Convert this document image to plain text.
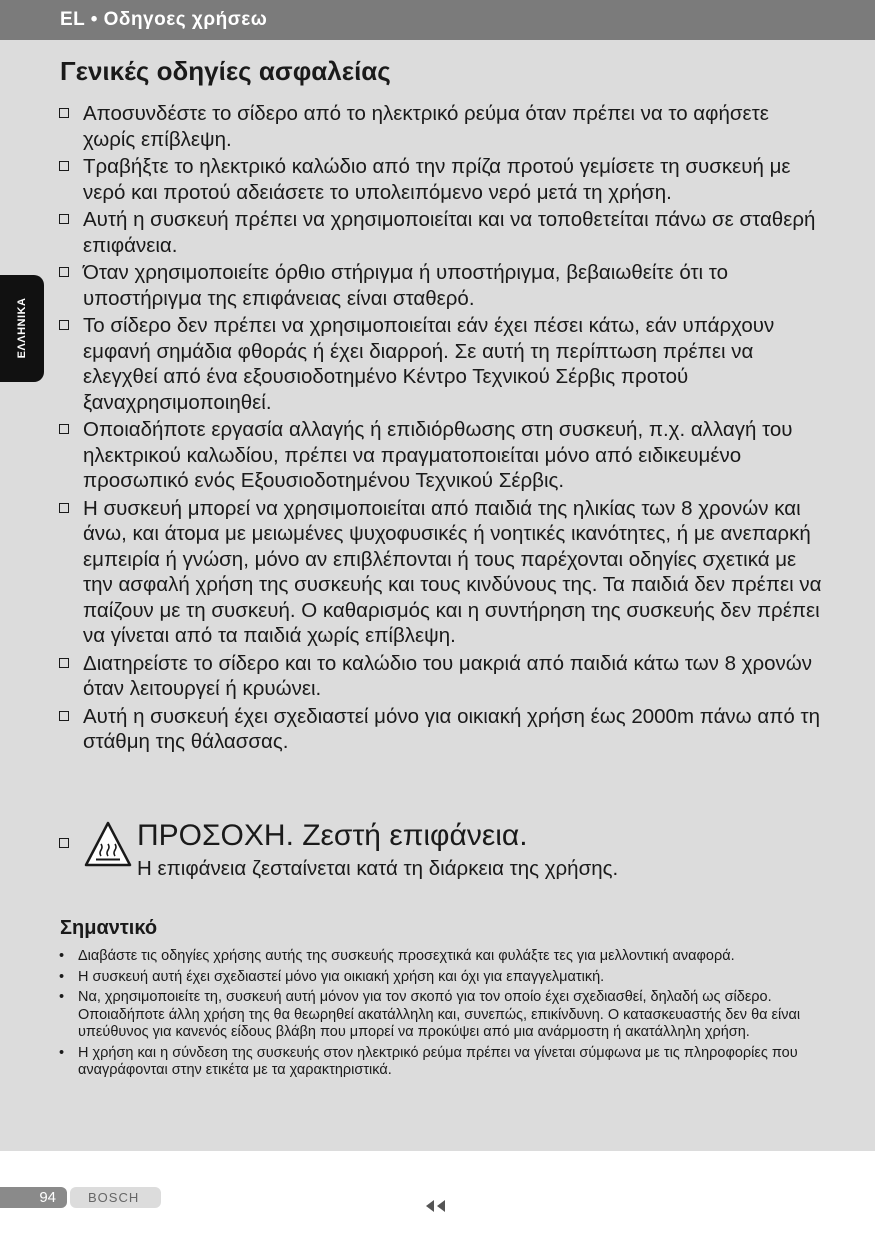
EL • Οδηγοες χρήσεω
ΕΛΛΗΝΙΚΑ
Γενικές οδηγίες ασφαλείας
Αποσυνδέστε το σίδερο από το ηλεκτρικό ρεύμα όταν πρέπει να το αφήσετε χωρίς επίβλεψη.
Τραβήξτε το ηλεκτρικό καλώδιο από την πρίζα προτού γεμίσετε τη συσκευή με νερό και προτού αδειάσετε το υπολειπόμενο νερό μετά τη χρήση.
Αυτή η συσκευή πρέπει να χρησιμοποιείται και να τοποθετείται πάνω σε σταθερή επιφάνεια.
Όταν χρησιμοποιείτε όρθιο στήριγμα ή υποστήριγμα, βεβαιωθείτε ότι το υποστήριγμα της επιφάνειας είναι σταθερό.
Το σίδερο δεν πρέπει να χρησιμοποιείται εάν έχει πέσει κάτω, εάν υπάρχουν εμφανή σημάδια φθοράς ή έχει διαρροή. Σε αυτή τη περίπτωση πρέπει να ελεγχθεί από ένα εξουσιοδοτημένο Κέντρο Τεχνικού Σέρβις προτού ξαναχρησιμοποιηθεί.
Οποιαδήποτε εργασία αλλαγής ή επιδιόρθωσης στη συσκευή, π.χ. αλλαγή του ηλεκτρικού καλωδίου, πρέπει να πραγματοποιείται μόνο από ειδικευμένο προσωπικό ενός Εξουσιοδοτημένου Τεχνικού Σέρβις.
Η συσκευή μπορεί να χρησιμοποιείται από παιδιά της ηλικίας των 8 χρονών και άνω, και άτομα με μειωμένες ψυχοφυσικές ή νοητικές ικανότητες, ή με ανεπαρκή εμπειρία ή γνώση, μόνο αν επιβλέπονται ή τους παρέχονται οδηγίες σχετικά με την ασφαλή χρήση της συσκευής και τους κινδύνους της. Τα παιδιά δεν πρέπει να παίζουν με τη συσκευή. Ο καθαρισμός και η συντήρηση της συσκευής δεν πρέπει να γίνεται από τα παιδιά χωρίς επίβλεψη.
Διατηρείστε το σίδερο και το καλώδιο του μακριά από παιδιά κάτω των 8 χρονών όταν λειτουργεί ή κρυώνει.
Αυτή η συσκευή έχει σχεδιαστεί μόνο για οικιακή χρήση έως 2000m πάνω από τη στάθμη της θάλασσας.
ΠΡΟΣΟΧΗ. Ζεστή επιφάνεια.
Η επιφάνεια ζεσταίνεται κατά τη διάρκεια της χρήσης.
Σημαντικό
• Διαβάστε τις οδηγίες χρήσης αυτής της συσκευής προσεχτικά και φυλάξτε τες για μελλοντική αναφορά.
• Η συσκευή αυτή έχει σχεδιαστεί μόνο για οικιακή χρήση και όχι για επαγγελματική.
• Να, χρησιμοποιείτε τη, συσκευή αυτή μόνον για τον σκοπό για τον οποίο έχει σχεδιασθεί, δηλαδή ως σίδερο. Οποιαδήποτε άλλη χρήση της θα θεωρηθεί ακατάλληλη και, συνεπώς, επικίνδυνη. Ο κατασκευαστής δεν θα είναι υπεύθυνος για κανενός είδους βλάβη που μπορεί να προκύψει από μια ανάρμοστη ή ακατάλληλη χρήση.
• Η χρήση και η σύνδεση της συσκευής στον ηλεκτρικό ρεύμα πρέπει να γίνεται σύμφωνα με τις πληροφορίες που αναγράφονται στην ετικέτα με τα χαρακτηριστικά.
94	BOSCH
